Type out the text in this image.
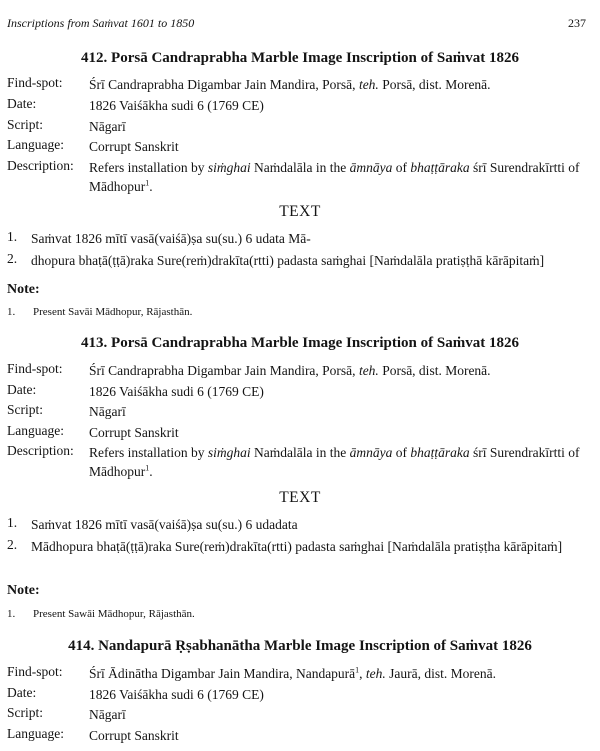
Inscriptions from Saṁvat 1601 to 1850	237
412. Porsā Candraprabha Marble Image Inscription of Saṁvat 1826
Find-spot: Śrī Candraprabha Digambar Jain Mandira, Porsā, teh. Porsā, dist. Morenā.
Date:	1826 Vaiśākha sudi 6 (1769 CE)
Script:	Nāgarī
Language: Corrupt Sanskrit
Description: Refers installation by siṁghai Naṁdalāla in the āmnāya of bhaṭṭāraka śrī Surendrakīrtti of Mādhopur$^1$.
TEXT
1. Saṁvat 1826 mītī vasā(vaiśā)ṣa su(su.) 6 udata Mā-
2. dhopura bhaṭā(ṭṭā)raka Sure(reṁ)drakīta(rtti) padasta saṁghai [Naṁdalāla pratiṣṭhā kārāpitaṁ]
Note:
1. Present Savāi Mādhopur, Rājasthān.
413. Porsā Candraprabha Marble Image Inscription of Saṁvat 1826
Find-spot: Śrī Candraprabha Digambar Jain Mandira, Porsā, teh. Porsā, dist. Morenā.
Date:	1826 Vaiśākha sudi 6 (1769 CE)
Script:	Nāgarī
Language: Corrupt Sanskrit
Description: Refers installation by siṁghai Naṁdalāla in the āmnāya of bhaṭṭāraka śrī Surendrakīrtti of Mādhopur$^1$.
TEXT
1. Saṁvat 1826 mītī vasā(vaiśā)ṣa su(su.) 6 udadata
2. Mādhopura bhaṭā(ṭṭā)raka Sure(reṁ)drakīta(rtti) padasta saṁghai [Naṁdalāla pratiṣṭha kārāpitaṁ]
Note:
1. Present Sawāi Mādhopur, Rājasthān.
414. Nandapurā Ṛṣabhanātha Marble Image Inscription of Saṁvat 1826
Find-spot: Śrī Ādinātha Digambar Jain Mandira, Nandapurā$^1$, teh. Jaurā, dist. Morenā.
Date:	1826 Vaiśākha sudi 6 (1769 CE)
Script:	Nāgarī
Language: Corrupt Sanskrit
